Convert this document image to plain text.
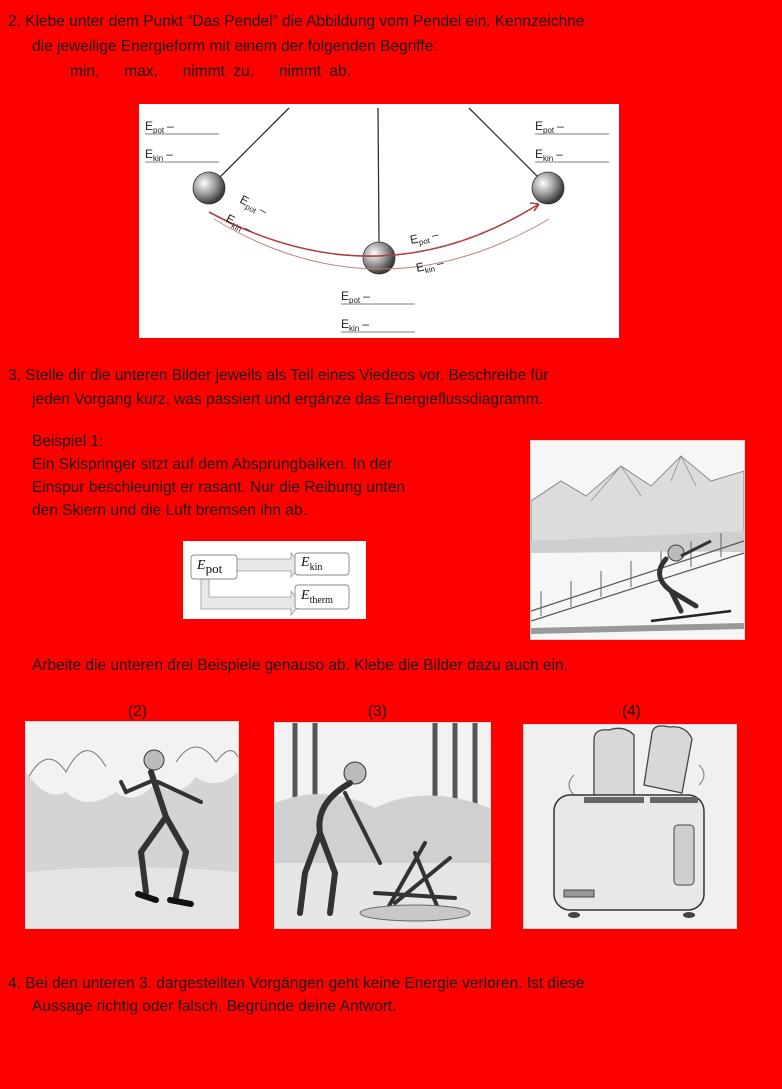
2. Klebe unter dem Punkt “Das Pendel” die Abbildung vom Pendel ein. Kennzeichne
die jeweilige Energieform mit einem der folgenden Begriffe:
min, max, nimmt zu, nimmt ab.
$E_{pot}$ –
$E_{kin}$ –
$E_{pot}$ –
$E_{kin}$ –
$E_{pot}-$
$E_{kin}-$
$E_{pot}-$
$E_{kin}-$
$E_{pot}$ –
$E_{kin}$ –
3. Stelle dir die unteren Bilder jeweils als Teil eines Viedeos vor. Beschreibe für
jeden Vorgang kurz, was passiert und ergänze das Energieflussdiagramm.
Beispiel 1:
Ein Skispringer sitzt auf dem Absprungbalken. In der
Einspur beschleunigt er rasant. Nur die Reibung unten
den Skiern und die Luft bremsen ihn ab.
$E_{pot}$	$E_{kin}$
$E_{therm}$
Arbeite die unteren drei Beispiele genauso ab. Klebe die Bilder dazu auch ein.
(2)	(3)	(4)
4. Bei den unteren 3. dargestellten Vorgängen geht keine Energie verloren. Ist diese
Aussage richtig oder falsch. Begründe deine Antwort.
